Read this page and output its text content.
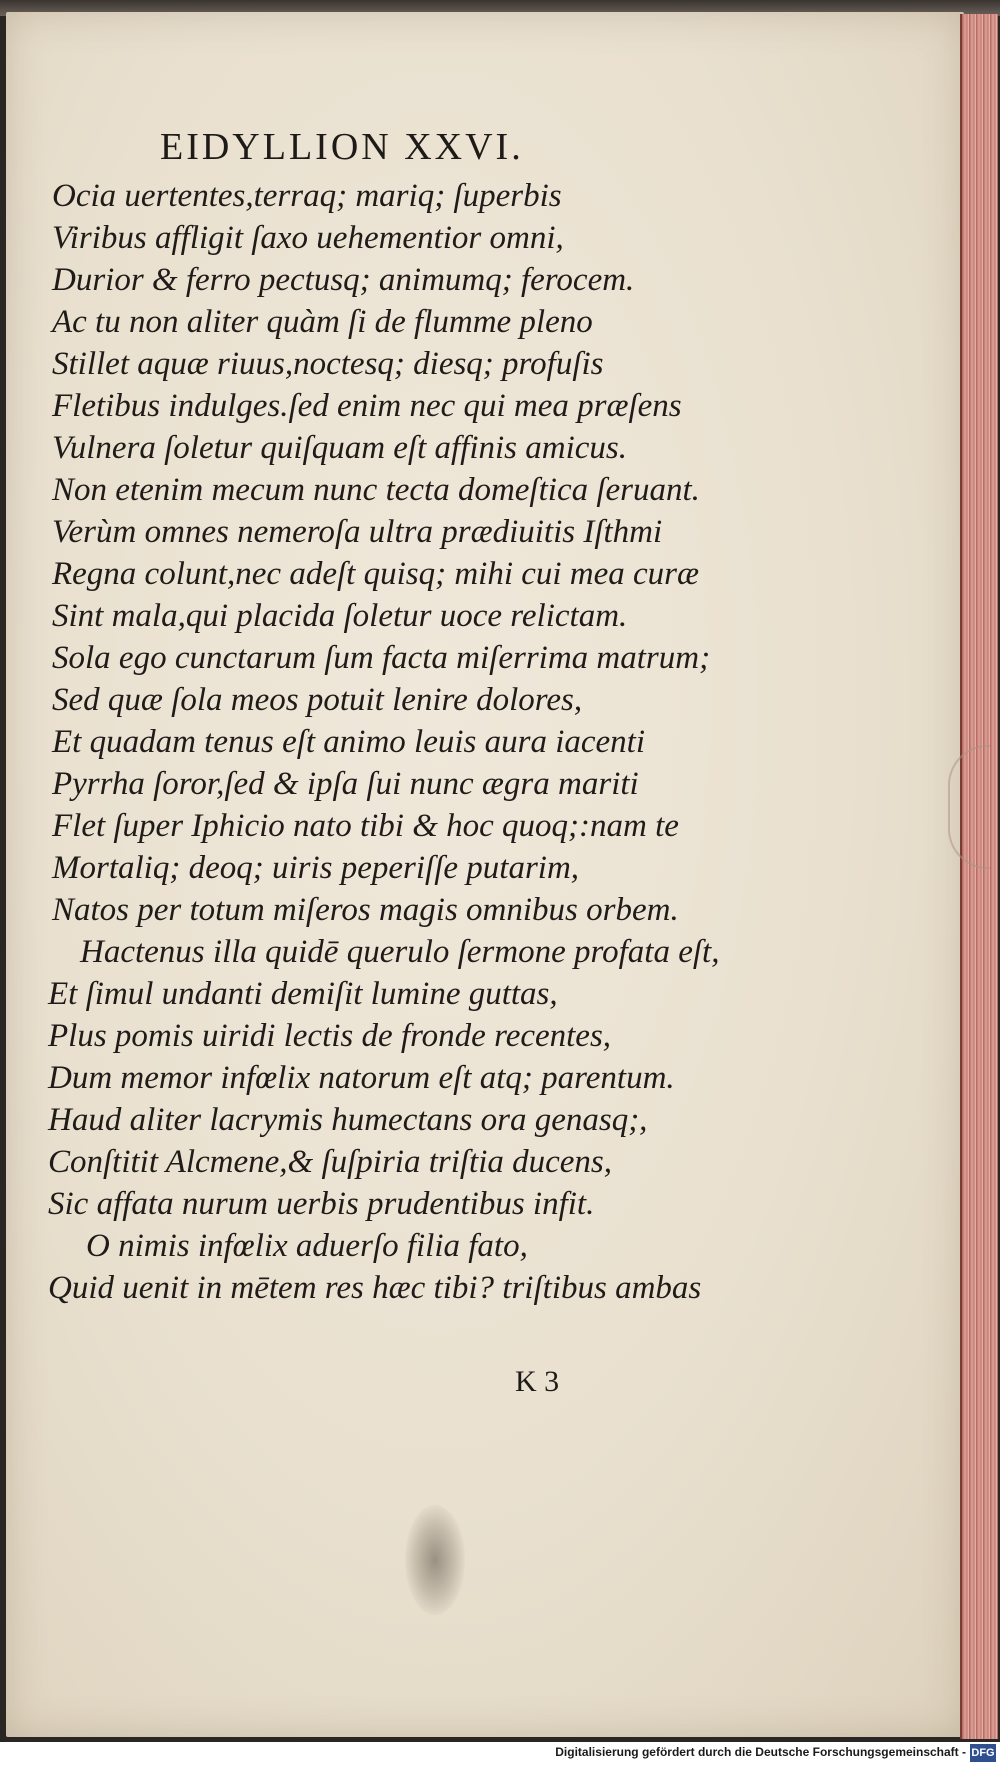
EIDYLLION XXVI.
Ocia uertentes,terraq; mariq; ſuperbis
Viribus affligit ſaxo uehementior omni,
Durior & ferro pectusq; animumq; ferocem.
Ac tu non aliter quàm ſi de flumme pleno
Stillet aquæ riuus,noctesq; diesq; profuſis
Fletibus indulges.ſed enim nec qui mea præſens
Vulnera ſoletur quiſquam eſt affinis amicus.
Non etenim mecum nunc tecta domeſtica ſeruant.
Verùm omnes nemeroſa ultra prædiuitis Iſthmi
Regna colunt,nec adeſt quisq; mihi cui mea curæ
Sint mala,qui placida ſoletur uoce relictam.
Sola ego cunctarum ſum facta miſerrima matrum;
Sed quæ ſola meos potuit lenire dolores,
Et quadam tenus eſt animo leuis aura iacenti
Pyrrha ſoror,ſed & ipſa ſui nunc ægra mariti
Flet ſuper Iphicio nato tibi & hoc quoq;:nam te
Mortaliq; deoq; uiris peperiſſe putarim,
Natos per totum miſeros magis omnibus orbem.
Hactenus illa quidē querulo ſermone profata eſt,
Et ſimul undanti demiſit lumine guttas,
Plus pomis uiridi lectis de fronde recentes,
Dum memor infœlix natorum eſt atq; parentum.
Haud aliter lacrymis humectans ora genasq;,
Conſtitit Alcmene,& ſuſpiria triſtia ducens,
Sic affata nurum uerbis prudentibus infit.
O nimis infœlix aduerſo filia fato,
Quid uenit in mētem res hæc tibi? triſtibus ambas
K 3
Digitalisierung gefördert durch die Deutsche Forschungsgemeinschaft - DFG
